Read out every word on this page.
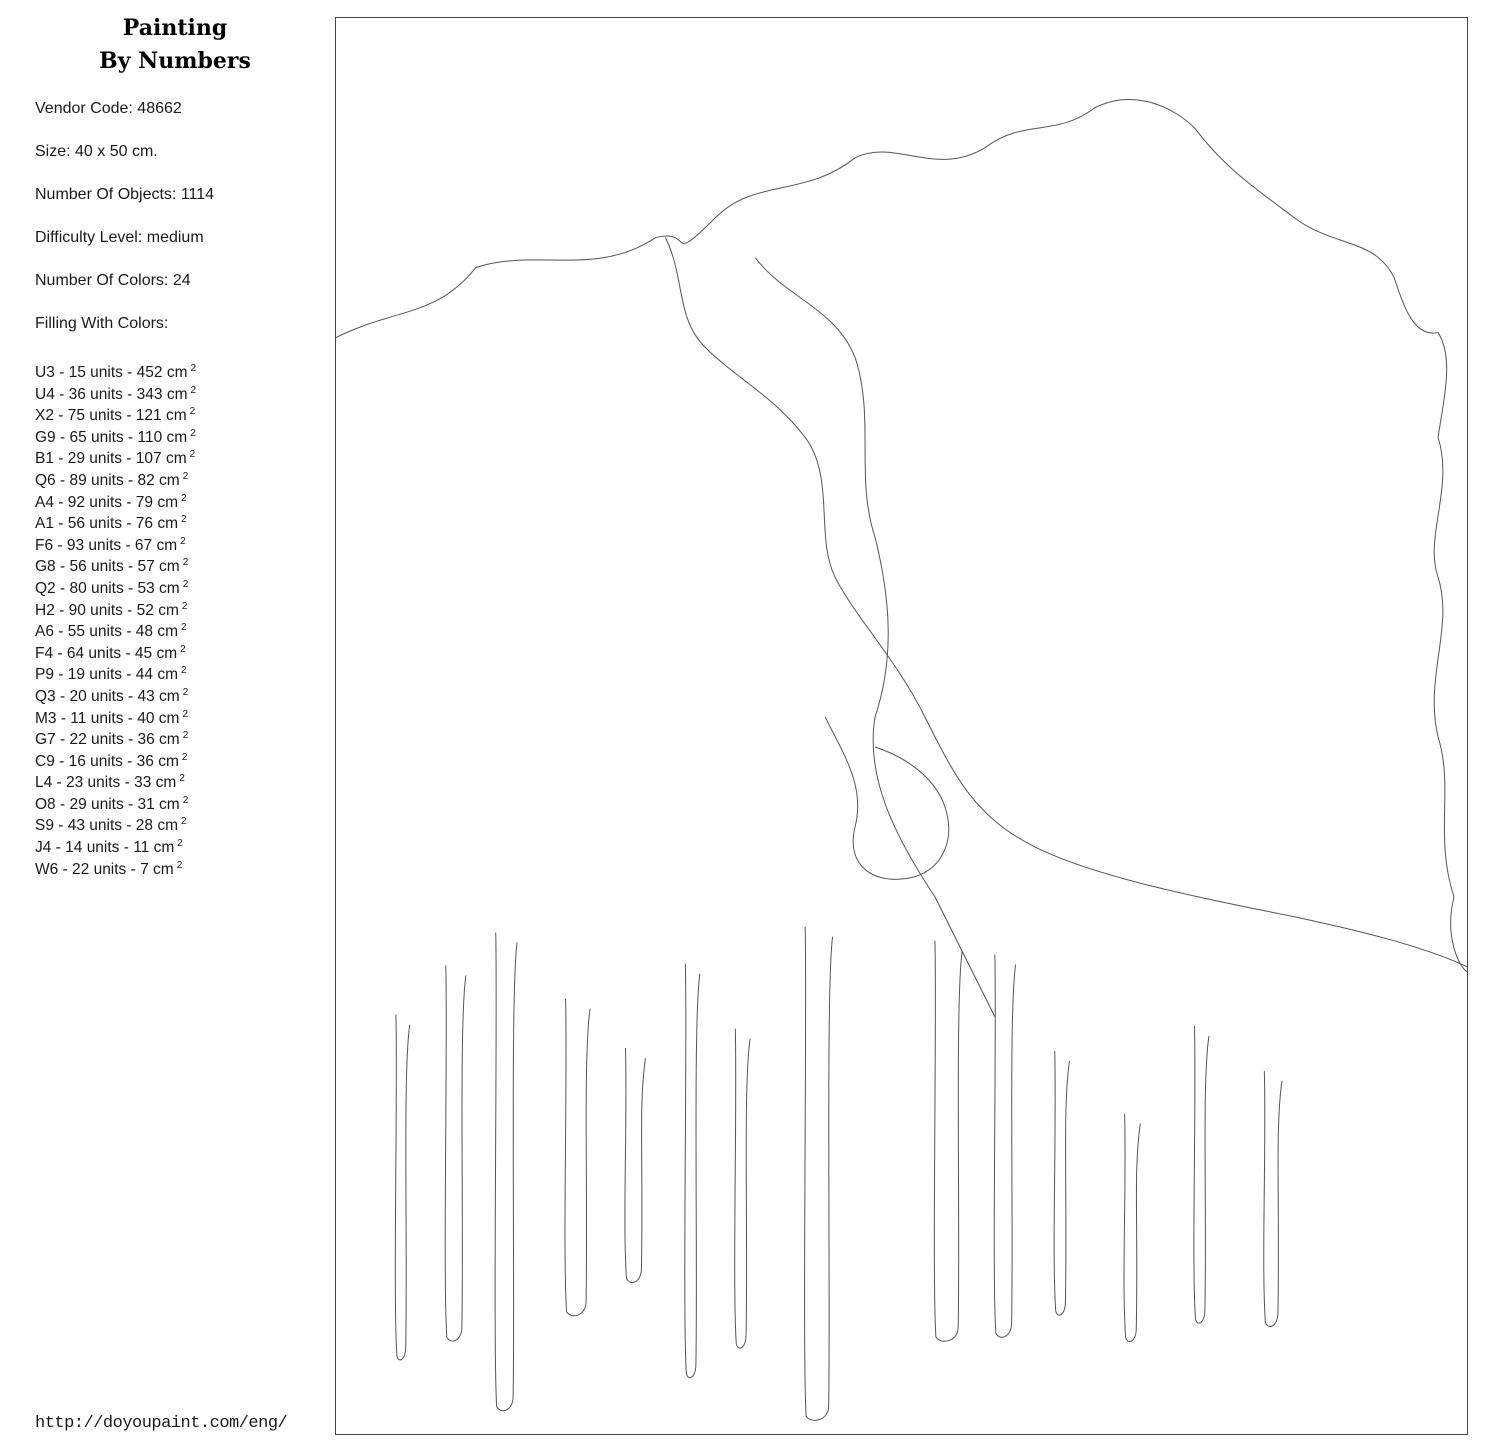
Painting
By Numbers
Vendor Code: 48662
Size: 40 x 50 cm.
Number Of Objects: 1114
Difficulty Level: medium
Number Of Colors: 24
Filling With Colors:
U3 - 15 units - 452 cm $^2$
U4 - 36 units - 343 cm $^2$
X2 - 75 units - 121 cm $^2$
G9 - 65 units - 110 cm $^2$
B1 - 29 units - 107 cm $^2$
Q6 - 89 units - 82 cm $^2$
A4 - 92 units - 79 cm $^2$
A1 - 56 units - 76 cm $^2$
F6 - 93 units - 67 cm $^2$
G8 - 56 units - 57 cm $^2$
Q2 - 80 units - 53 cm $^2$
H2 - 90 units - 52 cm $^2$
A6 - 55 units - 48 cm $^2$
F4 - 64 units - 45 cm $^2$
P9 - 19 units - 44 cm $^2$
Q3 - 20 units - 43 cm $^2$
M3 - 11 units - 40 cm $^2$
G7 - 22 units - 36 cm $^2$
C9 - 16 units - 36 cm $^2$
L4 - 23 units - 33 cm $^2$
O8 - 29 units - 31 cm $^2$
S9 - 43 units - 28 cm $^2$
J4 - 14 units - 11 cm $^2$
W6 - 22 units - 7 cm $^2$
http://doyoupaint.com/eng/
